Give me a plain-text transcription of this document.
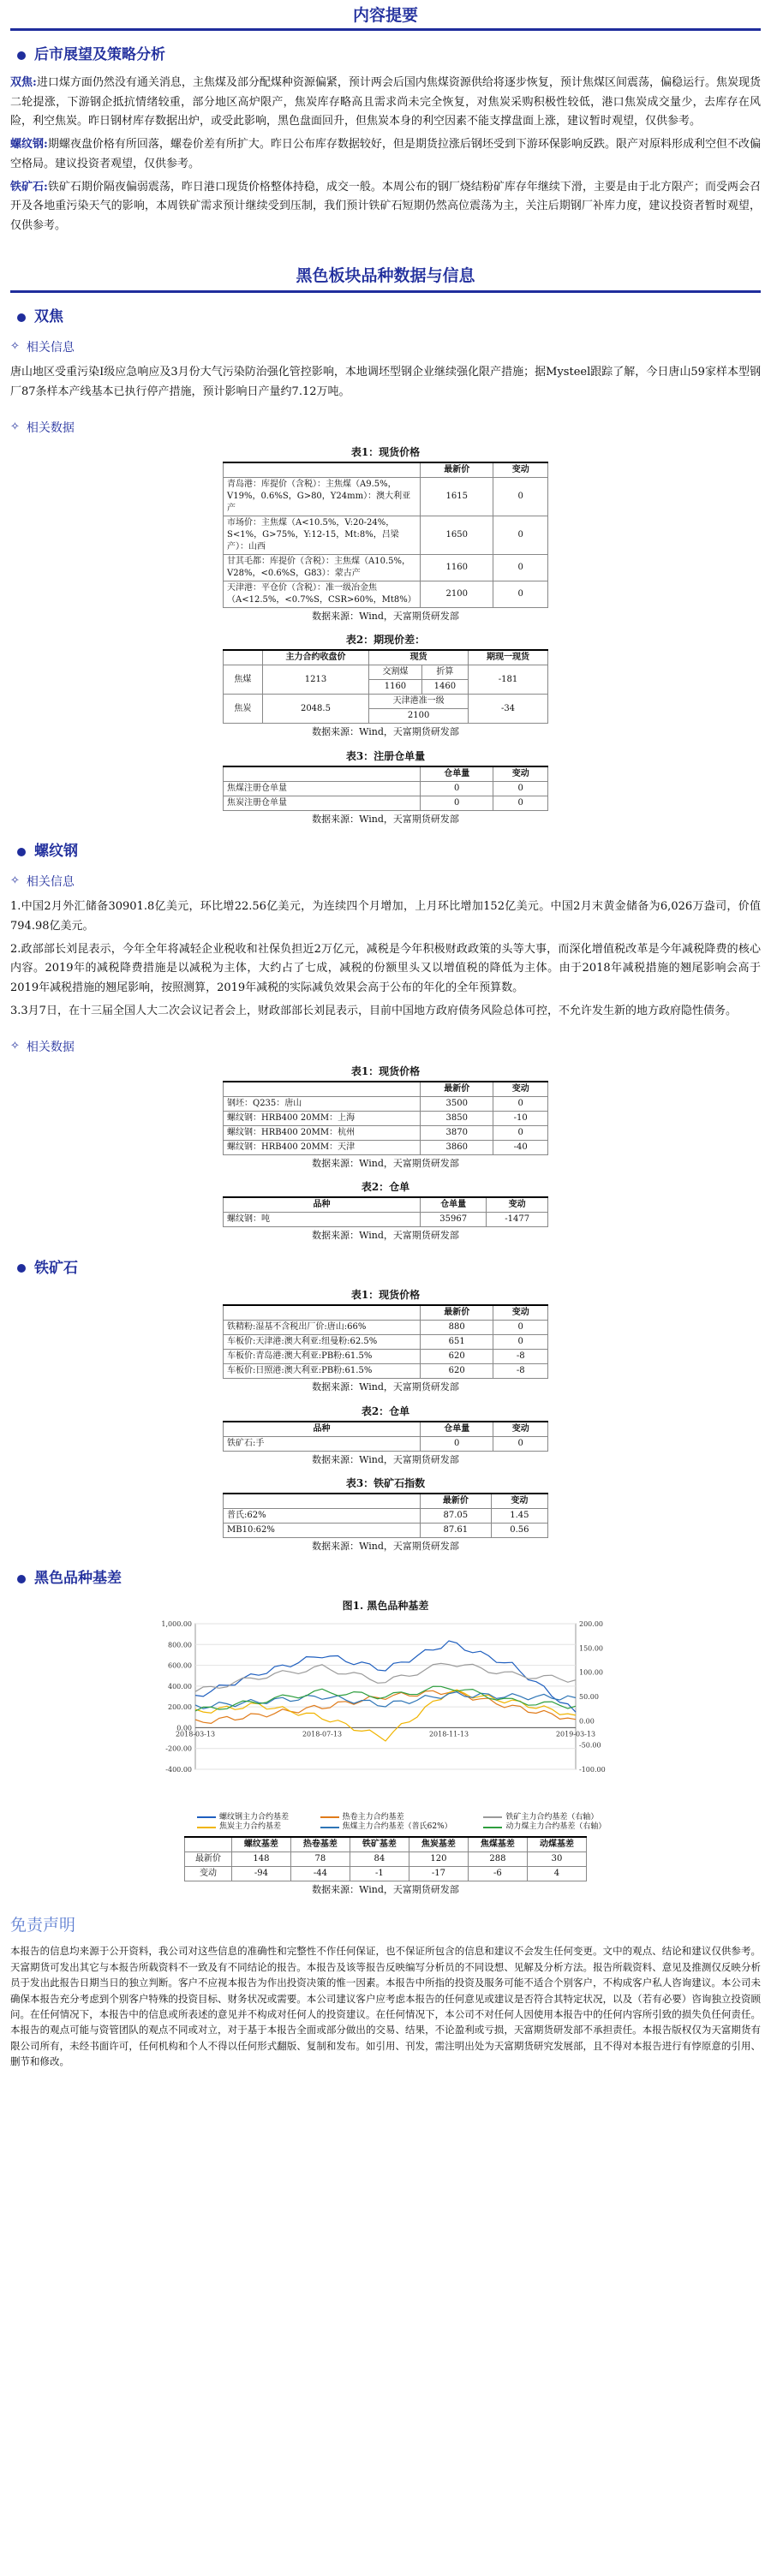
内容提要
后市展望及策略分析

双焦:进口煤方面仍然没有通关消息，主焦煤及部分配煤种资源偏紧，预计两会后国内焦煤资源供给将逐步恢复，预计焦煤区间震荡，偏稳运行。焦炭现货二轮提涨，下游钢企抵抗情绪较重，部分地区高炉限产，焦炭库存略高且需求尚未完全恢复，对焦炭采购积极性较低，港口焦炭成交量少，去库存在风险，利空焦炭。昨日钢材库存数据出炉，或受此影响，黑色盘面回升，但焦炭本身的利空因素不能支撑盘面上涨，建议暂时观望，仅供参考。

螺纹钢:期螺夜盘价格有所回落，螺卷价差有所扩大。昨日公布库存数据较好，但是期货拉涨后钢坯受到下游环保影响反跌。限产对原料形成利空但不改偏空格局。建议投资者观望，仅供参考。

铁矿石:铁矿石期价隔夜偏弱震荡，昨日港口现货价格整体持稳，成交一般。本周公布的钢厂烧结粉矿库存年继续下滑，主要是由于北方限产；而受两会召开及各地重污染天气的影响，本周铁矿需求预计继续受到压制，我们预计铁矿石短期仍然高位震荡为主，关注后期钢厂补库力度，建议投资者暂时观望，仅供参考。

黑色板块品种数据与信息
双焦
✧ 相关信息

唐山地区受重污染Ⅰ级应急响应及3月份大气污染防治强化管控影响，本地调坯型钢企业继续强化限产措施；据Mysteel跟踪了解，今日唐山59家样本型钢厂87条样本产线基本已执行停产措施，预计影响日产量约7.12万吨。

✧ 相关数据
表1：现货价格
	最新价	变动
青岛港：库提价（含税）：主焦煤（A9.5%，V19%，0.6%S，G>80，Y24mm）：澳大利亚产	1615	0
市场价：主焦煤（A<10.5%，V:20-24%，S<1%，G>75%，Y:12-15，Mt:8%，吕梁产）：山西	1650	0
甘其毛都：库提价（含税）：主焦煤（A10.5%，V28%，<0.6%S，G83）：蒙古产	1160	0
天津港：平仓价（含税）：准一级冶金焦（A<12.5%，<0.7%S，CSR>60%，Mt8%）	2100	0
数据来源：Wind，天富期货研发部
表2：期现价差：
	主力合约收盘价	现货		期现一现货
焦煤	1213	交割煤	折算	-181
		1160	1460	
焦炭	2048.5	天津港准一级		-34
		2100		
数据来源：Wind，天富期货研发部
表3：注册仓单量
	仓单量	变动
焦煤注册仓单量	0	0
焦炭注册仓单量	0	0
数据来源：Wind，天富期货研发部
螺纹钢
✧ 相关信息

1.中国2月外汇储备30901.8亿美元，环比增22.56亿美元，为连续四个月增加，上月环比增加152亿美元。中国2月末黄金储备为6,026万盎司，价值794.98亿美元。

2.政部部长刘昆表示，今年全年将减轻企业税收和社保负担近2万亿元，减税是今年积极财政政策的头等大事，而深化增值税改革是今年减税降费的核心内容。2019年的减税降费措施是以减税为主体，大约占了七成，减税的份额里头又以增值税的降低为主体。由于2018年减税措施的翘尾影响会高于2019年减税措施的翘尾影响，按照测算，2019年减税的实际减负效果会高于公布的年化的全年预算数。

3.3月7日，在十三届全国人大二次会议记者会上，财政部部长刘昆表示，目前中国地方政府债务风险总体可控，不允许发生新的地方政府隐性债务。

✧ 相关数据
表1：现货价格
	最新价	变动
钢坯：Q235：唐山	3500	0
螺纹钢：HRB400 20MM：上海	3850	-10
螺纹钢：HRB400 20MM：杭州	3870	0
螺纹钢：HRB400 20MM：天津	3860	-40
数据来源：Wind，天富期货研发部
表2：仓单
品种	仓单量	变动
螺纹钢：吨	35967	-1477
数据来源：Wind，天富期货研发部
铁矿石
表1：现货价格
	最新价	变动
铁精粉:湿基不含税出厂价:唐山:66%	880	0
车板价:天津港:澳大利亚:纽曼粉:62.5%	651	0
车板价:青岛港:澳大利亚:PB粉:61.5%	620	-8
车板价:日照港:澳大利亚:PB粉:61.5%	620	-8
数据来源：Wind，天富期货研发部
表2：仓单
品种	仓单量	变动
铁矿石:手	0	0
数据来源：Wind，天富期货研发部
表3：铁矿石指数
	最新价	变动
普氏:62%	87.05	1.45
MB10:62%	87.61	0.56
数据来源：Wind，天富期货研发部
黑色品种基差
图1. 黑色品种基差
1,000.00
800.00
600.00
400.00
200.00
0.00
-200.00
-400.00
200.00
150.00
100.00
50.00
0.00
-50.00
-100.00
2018-03-13	2018-07-13	2018-11-13	2019-03-13
螺纹钢主力合约基差	热卷主力合约基差	铁矿主力合约基差（右轴）
焦炭主力合约基差	焦煤主力合约基差（普氏62%）	动力煤主力合约基差（右轴）
	螺纹基差	热卷基差	铁矿基差	焦炭基差	焦煤基差	动煤基差
最新价	148	78	84	120	288	30
变动	-94	-44	-1	-17	-6	4
数据来源：Wind，天富期货研发部
免责声明

本报告的信息均来源于公开资料，我公司对这些信息的准确性和完整性不作任何保证，也不保证所包含的信息和建议不会发生任何变更。文中的观点、结论和建议仅供参考。天富期货可发出其它与本报告所载资料不一致及有不同结论的报告。本报告及该等报告反映编写分析员的不同设想、见解及分析方法。报告所载资料、意见及推测仅反映分析员于发出此报告日期当日的独立判断。客户不应视本报告为作出投资决策的惟一因素。本报告中所指的投资及服务可能不适合个别客户，不构成客户私人咨询建议。本公司未确保本报告充分考虑到个别客户特殊的投资目标、财务状况或需要。本公司建议客户应考虑本报告的任何意见或建议是否符合其特定状况，以及（若有必要）咨询独立投资顾问。在任何情况下，本报告中的信息或所表述的意见并不构成对任何人的投资建议。在任何情况下，本公司不对任何人因使用本报告中的任何内容所引致的损失负任何责任。本报告的观点可能与资管团队的观点不同或对立，对于基于本报告全面或部分做出的交易、结果，不论盈利或亏损，天富期货研发部不承担责任。本报告版权仅为天富期货有限公司所有，未经书面许可，任何机构和个人不得以任何形式翻版、复制和发布。如引用、刊发，需注明出处为天富期货研究发展部，且不得对本报告进行有悖原意的引用、删节和修改。
